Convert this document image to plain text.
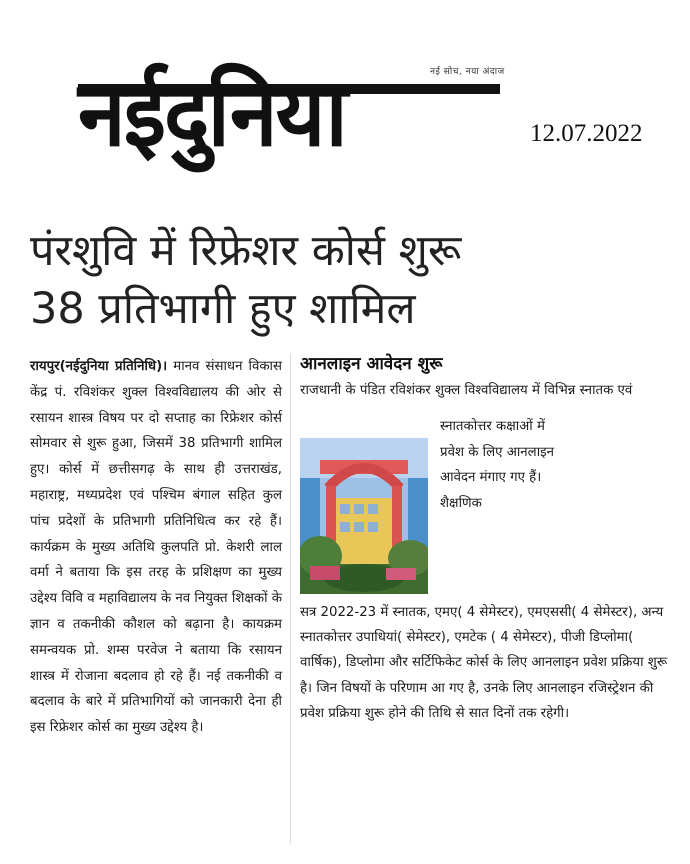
नईदुनिया	नई सोच, नया अंदाज
12.07.2022
पंरशुवि में रिफ्रेशर कोर्स शुरू
38 प्रतिभागी हुए शामिल
रायपुर(नईदुनिया प्रतिनिधि)। मानव संसाधन विकास केंद्र पं. रविशंकर शुक्ल विश्वविद्यालय की ओर से रसायन शास्त्र विषय पर दो सप्ताह का रिफ्रेशर कोर्स सोमवार से शुरू हुआ, जिसमें 38 प्रतिभागी शामिल हुए। कोर्स में छत्तीसगढ़ के साथ ही उत्तराखंड, महाराष्ट्र, मध्यप्रदेश एवं पश्चिम बंगाल सहित कुल पांच प्रदेशों के प्रतिभागी प्रतिनिधित्व कर रहे हैं। कार्यक्रम के मुख्य अतिथि कुलपति प्रो. केशरी लाल वर्मा ने बताया कि इस तरह के प्रशिक्षण का मुख्य उद्देश्य विवि व महाविद्यालय के नव नियुक्त शिक्षकों के ज्ञान व तकनीकी कौशल को बढ़ाना है। कायक्रम समन्वयक प्रो. शम्स परवेज ने बताया कि रसायन शास्त्र में रोजाना बदलाव हो रहे हैं। नई तकनीकी व बदलाव के बारे में प्रतिभागियों को जानकारी देना ही इस रिफ्रेशर कोर्स का मुख्य उद्देश्य है।
आनलाइन आवेदन शुरू
राजधानी के पंडित रविशंकर शुक्ल विश्वविद्यालय में विभिन्न स्नातक एवं
स्नातकोत्तर कक्षाओं में प्रवेश के लिए आनलाइन आवेदन मंगाए गए हैं। शैक्षणिक
सत्र 2022-23 में स्नातक, एमए( 4 सेमेस्टर), एमएससी( 4 सेमेस्टर), अन्य स्नातकोत्तर उपाधियां( सेमेस्टर), एमटेक ( 4 सेमेस्टर), पीजी डिप्लोमा( वार्षिक), डिप्लोमा और सर्टिफिकेट कोर्स के लिए आनलाइन प्रवेश प्रक्रिया शुरू है। जिन विषयों के परिणाम आ गए है, उनके लिए आनलाइन रजिस्ट्रेशन की प्रवेश प्रक्रिया शुरू होने की तिथि से सात दिनों तक रहेगी।
